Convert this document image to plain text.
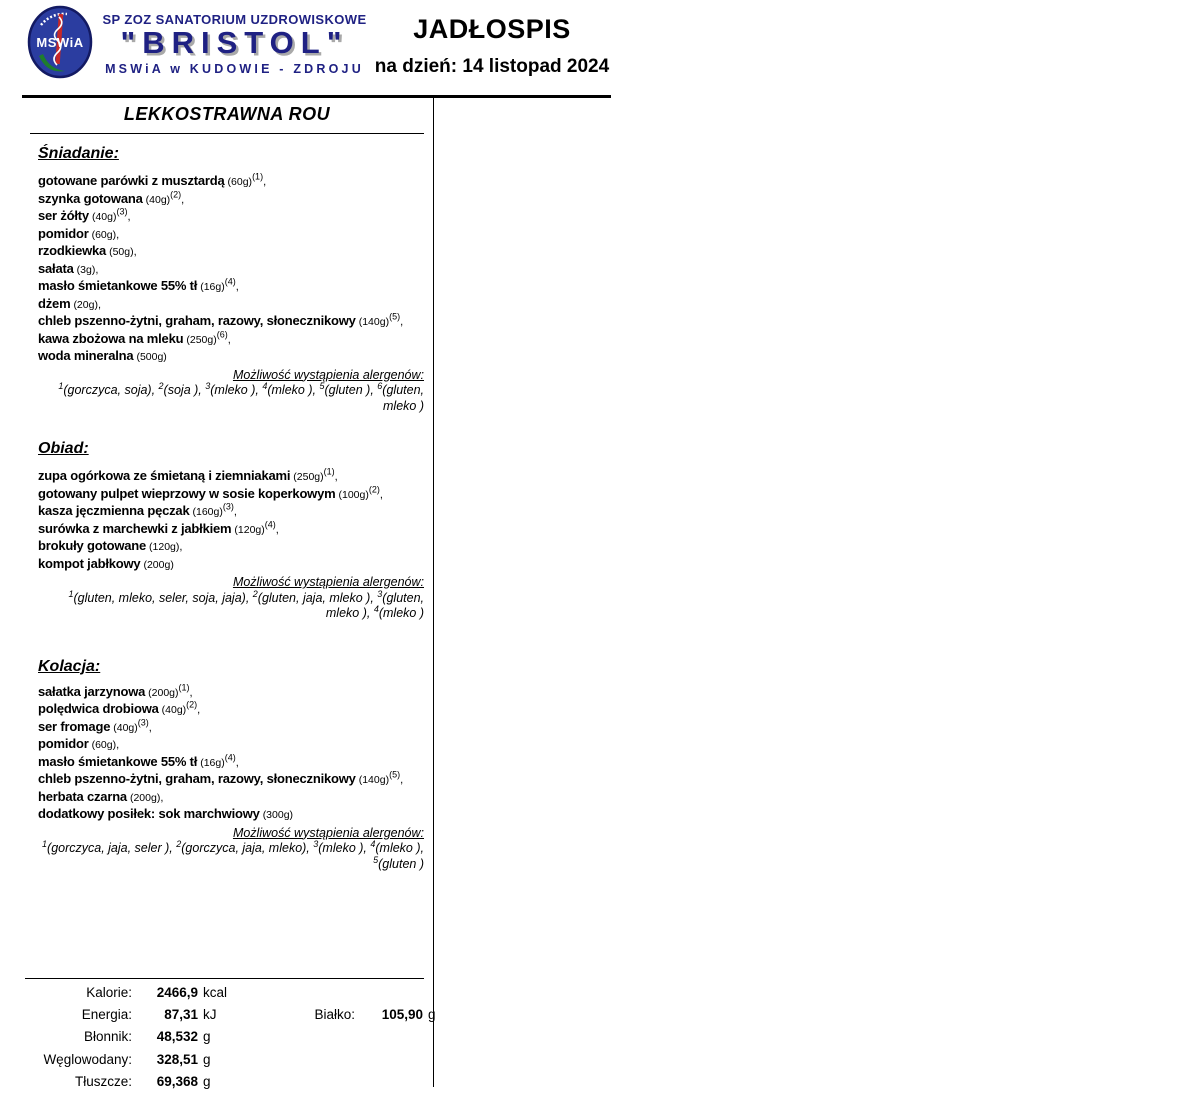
MSWiA
SP ZOZ SANATORIUM UZDROWISKOWE
"BRISTOL"
MSWiA w KUDOWIE - ZDROJU
JADŁOSPIS
na dzień: 14 listopad 2024
LEKKOSTRAWNA ROU
Śniadanie:
gotowane parówki z musztardą (60g)$^{(1)}$,
szynka gotowana (40g)$^{(2)}$,
ser żółty (40g)$^{(3)}$,
pomidor (60g),
rzodkiewka (50g),
sałata (3g),
masło śmietankowe 55% tł (16g)$^{(4)}$,
dżem (20g),
chleb pszenno-żytni, graham, razowy, słonecznikowy (140g)$^{(5)}$,
kawa zbożowa na mleku (250g)$^{(6)}$,
woda mineralna (500g)
Możliwość wystąpienia alergenów:
$^1$(gorczyca, soja), $^2$(soja ), $^3$(mleko ), $^4$(mleko ), $^5$(gluten ), $^6$(gluten,
mleko )
Obiad:
zupa ogórkowa ze śmietaną i ziemniakami (250g)$^{(1)}$,
gotowany pulpet wieprzowy w sosie koperkowym (100g)$^{(2)}$,
kasza jęczmienna pęczak (160g)$^{(3)}$,
surówka z marchewki z jabłkiem (120g)$^{(4)}$,
brokuły gotowane (120g),
kompot jabłkowy (200g)
Możliwość wystąpienia alergenów:
$^1$(gluten, mleko, seler, soja, jaja), $^2$(gluten, jaja, mleko ), $^3$(gluten,
mleko ), $^4$(mleko )
Kolacja:
sałatka jarzynowa (200g)$^{(1)}$,
polędwica drobiowa (40g)$^{(2)}$,
ser fromage (40g)$^{(3)}$,
pomidor (60g),
masło śmietankowe 55% tł (16g)$^{(4)}$,
chleb pszenno-żytni, graham, razowy, słonecznikowy (140g)$^{(5)}$,
herbata czarna (200g),
dodatkowy posiłek: sok marchwiowy (300g)
Możliwość wystąpienia alergenów:
$^1$(gorczyca, jaja, seler ), $^2$(gorczyca, jaja, mleko), $^3$(mleko ), $^4$(mleko ),
$^5$(gluten )
Kalorie:	2466,9 kcal
Energia:	87,31 kJ	Białko:	105,90 g
Błonnik:	48,532 g
Węglowodany:	328,51 g
Tłuszcze:	69,368 g
